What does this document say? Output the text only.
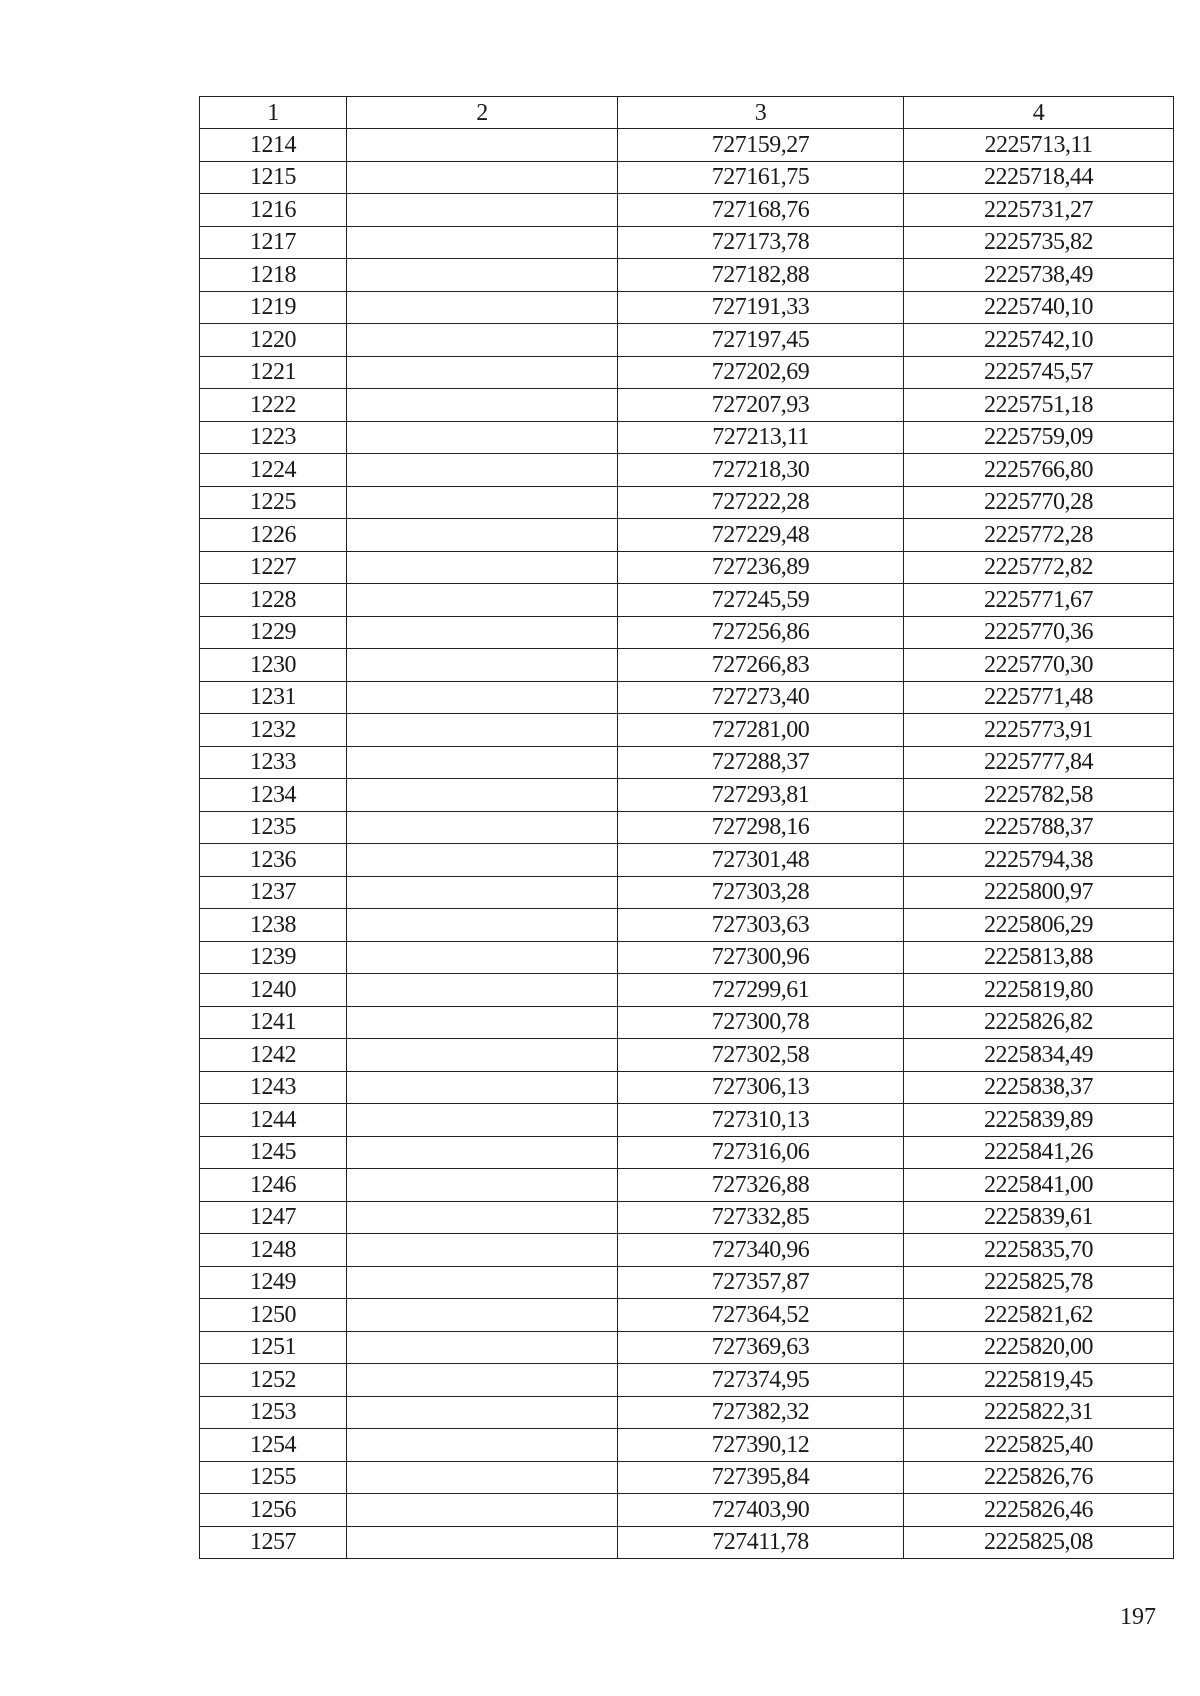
1	2	3	4
1214		727159,27	2225713,11
1215		727161,75	2225718,44
1216		727168,76	2225731,27
1217		727173,78	2225735,82
1218		727182,88	2225738,49
1219		727191,33	2225740,10
1220		727197,45	2225742,10
1221		727202,69	2225745,57
1222		727207,93	2225751,18
1223		727213,11	2225759,09
1224		727218,30	2225766,80
1225		727222,28	2225770,28
1226		727229,48	2225772,28
1227		727236,89	2225772,82
1228		727245,59	2225771,67
1229		727256,86	2225770,36
1230		727266,83	2225770,30
1231		727273,40	2225771,48
1232		727281,00	2225773,91
1233		727288,37	2225777,84
1234		727293,81	2225782,58
1235		727298,16	2225788,37
1236		727301,48	2225794,38
1237		727303,28	2225800,97
1238		727303,63	2225806,29
1239		727300,96	2225813,88
1240		727299,61	2225819,80
1241		727300,78	2225826,82
1242		727302,58	2225834,49
1243		727306,13	2225838,37
1244		727310,13	2225839,89
1245		727316,06	2225841,26
1246		727326,88	2225841,00
1247		727332,85	2225839,61
1248		727340,96	2225835,70
1249		727357,87	2225825,78
1250		727364,52	2225821,62
1251		727369,63	2225820,00
1252		727374,95	2225819,45
1253		727382,32	2225822,31
1254		727390,12	2225825,40
1255		727395,84	2225826,76
1256		727403,90	2225826,46
1257		727411,78	2225825,08
197
